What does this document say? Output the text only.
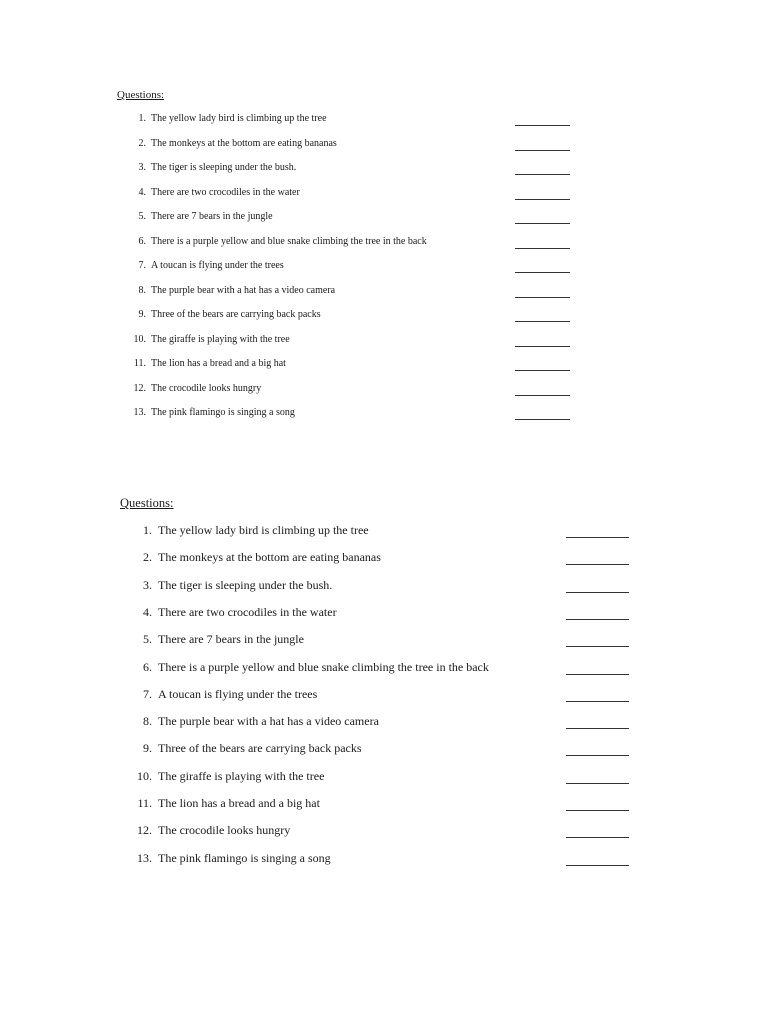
Questions:
1. The yellow lady bird is climbing up the tree
2. The monkeys at the bottom are eating bananas
3. The tiger is sleeping under the bush.
4. There are two crocodiles in the water
5. There are 7 bears in the jungle
6. There is a purple yellow and blue snake climbing the tree in the back
7. A toucan is flying under the trees
8. The purple bear with a hat has a video camera
9. Three of the bears are carrying back packs
10. The giraffe is playing with the tree
11. The lion has a bread and a big hat
12. The crocodile looks hungry
13. The pink flamingo is singing a song
Questions:
1. The yellow lady bird is climbing up the tree
2. The monkeys at the bottom are eating bananas
3. The tiger is sleeping under the bush.
4. There are two crocodiles in the water
5. There are 7 bears in the jungle
6. There is a purple yellow and blue snake climbing the tree in the back
7. A toucan is flying under the trees
8. The purple bear with a hat has a video camera
9. Three of the bears are carrying back packs
10. The giraffe is playing with the tree
11. The lion has a bread and a big hat
12. The crocodile looks hungry
13. The pink flamingo is singing a song
